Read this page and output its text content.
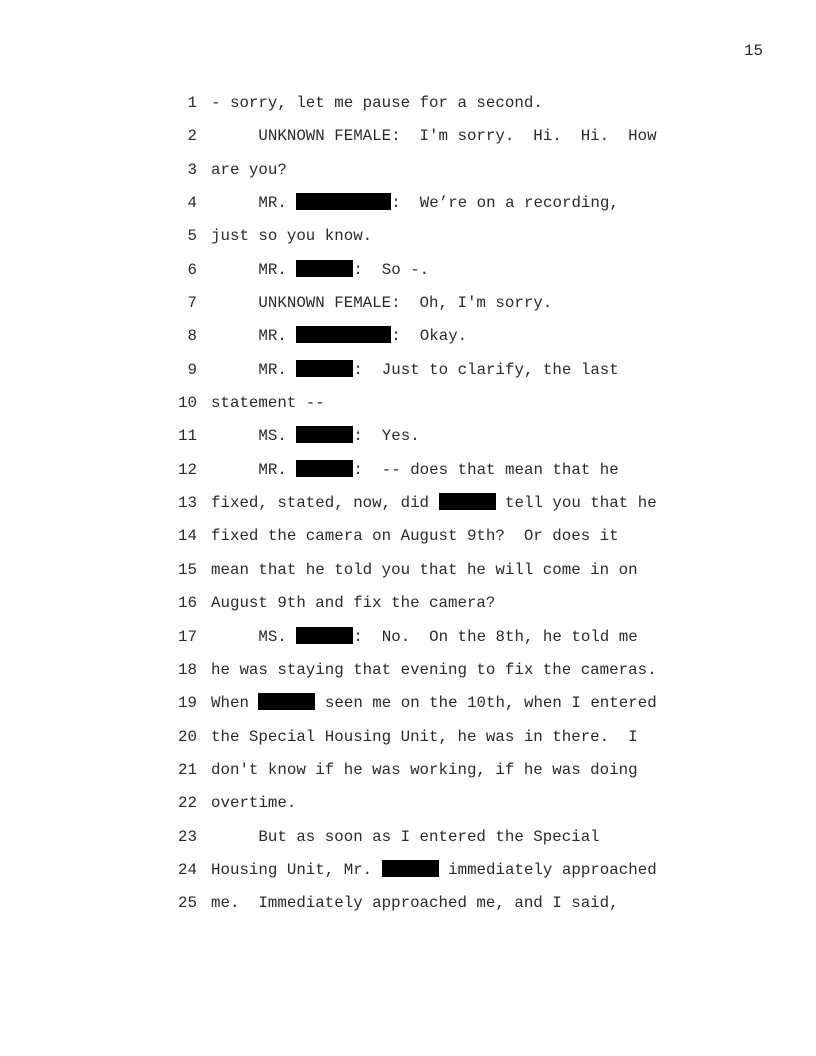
15
1 - sorry, let me pause for a second.
2 UNKNOWN FEMALE:  I'm sorry.  Hi.  Hi.  How
3 are you?
4 MR.	:  We’re on a recording,
5 just so you know.
6 MR.	:  So -.
7 UNKNOWN FEMALE:  Oh, I'm sorry.
8 MR.	:  Okay.
9 MR.	:  Just to clarify, the last
10 statement --
11 MS.	:  Yes.
12 MR.	:  -- does that mean that he
13 fixed, stated, now, did	tell you that he
14 fixed the camera on August 9th?  Or does it
15 mean that he told you that he will come in on
16 August 9th and fix the camera?
17 MS.	:  No.  On the 8th, he told me
18 he was staying that evening to fix the cameras.
19 When	seen me on the 10th, when I entered
20 the Special Housing Unit, he was in there.  I
21 don't know if he was working, if he was doing
22 overtime.
23 But as soon as I entered the Special
24 Housing Unit, Mr.	immediately approached
25 me.  Immediately approached me, and I said,
